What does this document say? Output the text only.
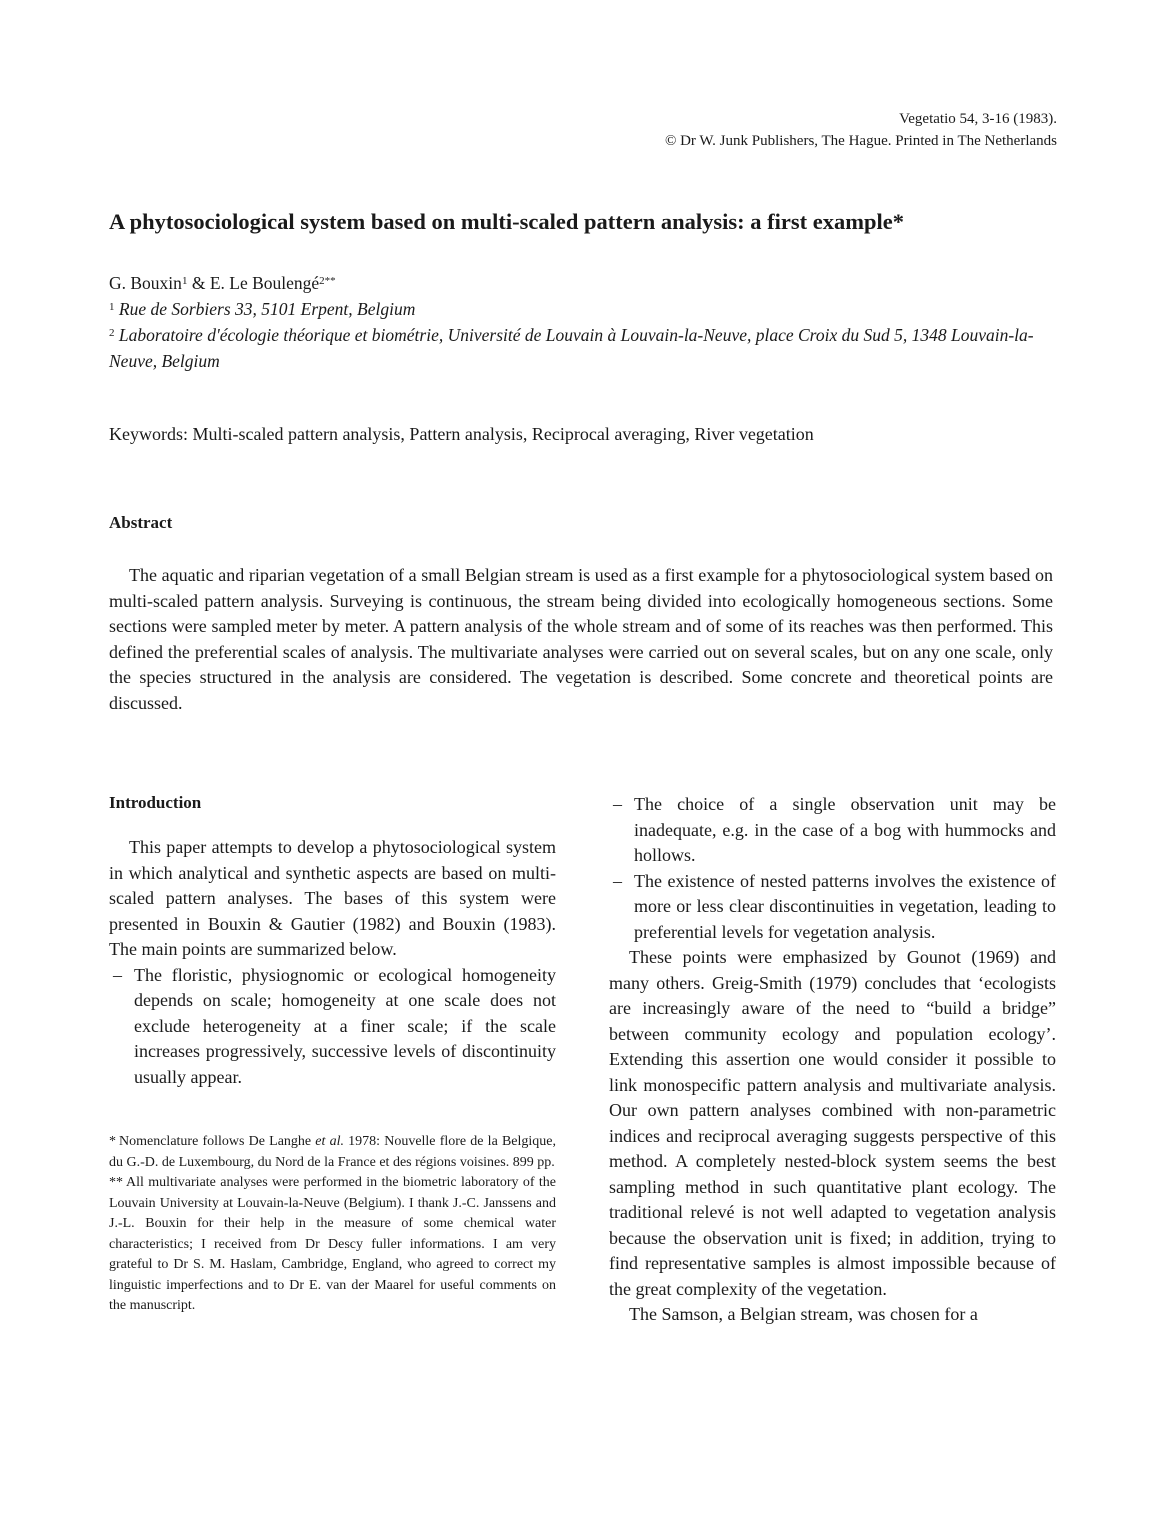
Vegetatio 54, 3-16 (1983).
© Dr W. Junk Publishers, The Hague. Printed in The Netherlands
A phytosociological system based on multi-scaled pattern analysis: a first example*
G. Bouxin$^1$ & E. Le Boulengé$^{2**}$
$^1$ Rue de Sorbiers 33, 5101 Erpent, Belgium
$^2$ Laboratoire d'écologie théorique et biométrie, Université de Louvain à Louvain-la-Neuve, place Croix du Sud 5, 1348 Louvain-la-Neuve, Belgium
Keywords: Multi-scaled pattern analysis, Pattern analysis, Reciprocal averaging, River vegetation
Abstract

The aquatic and riparian vegetation of a small Belgian stream is used as a first example for a phytosociological system based on multi-scaled pattern analysis. Surveying is continuous, the stream being divided into ecologically homogeneous sections. Some sections were sampled meter by meter. A pattern analysis of the whole stream and of some of its reaches was then performed. This defined the preferential scales of analysis. The multivariate analyses were carried out on several scales, but on any one scale, only the species structured in the analysis are considered. The vegetation is described. Some concrete and theoretical points are discussed.

Introduction

This paper attempts to develop a phytosociological system in which analytical and synthetic aspects are based on multi-scaled pattern analyses. The bases of this system were presented in Bouxin & Gautier (1982) and Bouxin (1983). The main points are summarized below.

– The floristic, physiognomic or ecological homogeneity depends on scale; homogeneity at one scale does not exclude heterogeneity at a finer scale; if the scale increases progressively, successive levels of discontinuity usually appear.

* Nomenclature follows De Langhe et al. 1978: Nouvelle flore de la Belgique, du G.-D. de Luxembourg, du Nord de la France et des régions voisines. 899 pp.

** All multivariate analyses were performed in the biometric laboratory of the Louvain University at Louvain-la-Neuve (Belgium). I thank J.-C. Janssens and J.-L. Bouxin for their help in the measure of some chemical water characteristics; I received from Dr Descy fuller informations. I am very grateful to Dr S. M. Haslam, Cambridge, England, who agreed to correct my linguistic imperfections and to Dr E. van der Maarel for useful comments on the manuscript.

– The choice of a single observation unit may be inadequate, e.g. in the case of a bog with hummocks and hollows.
– The existence of nested patterns involves the existence of more or less clear discontinuities in vegetation, leading to preferential levels for vegetation analysis.

These points were emphasized by Gounot (1969) and many others. Greig-Smith (1979) concludes that ‘ecologists are increasingly aware of the need to “build a bridge” between community ecology and population ecology’. Extending this assertion one would consider it possible to link monospecific pattern analysis and multivariate analysis. Our own pattern analyses combined with non-parametric indices and reciprocal averaging suggests perspective of this method. A completely nested-block system seems the best sampling method in such quantitative plant ecology. The traditional relevé is not well adapted to vegetation analysis because the observation unit is fixed; in addition, trying to find representative samples is almost impossible because of the great complexity of the vegetation.

The Samson, a Belgian stream, was chosen for a
